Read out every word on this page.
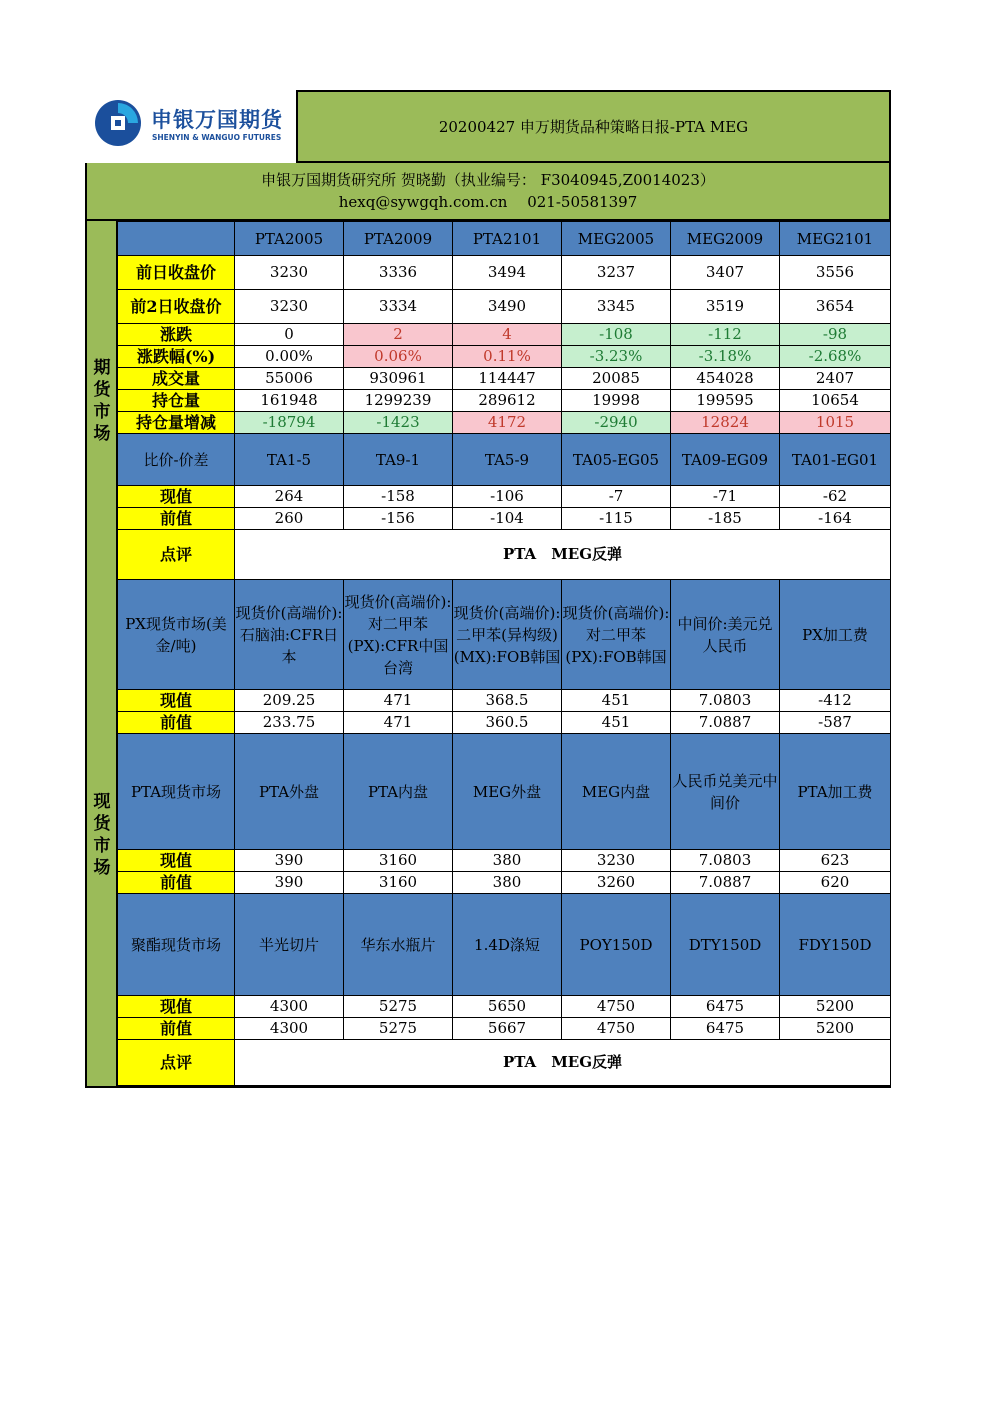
申银万国期货
SHENYIN & WANGUO FUTURES
20200427 申万期货品种策略日报-PTA MEG
申银万国期货研究所 贺晓勤（执业编号： F3040945,Z0014023）
hexq@sywgqh.com.cn　 021-50581397
期
货
市
场
现
货
市
场
	PTA2005	PTA2009	PTA2101	MEG2005	MEG2009	MEG2101
前日收盘价	3230	3336	3494	3237	3407	3556
前2日收盘价	3230	3334	3490	3345	3519	3654
涨跌	0	2	4	-108	-112	-98
涨跌幅(%)	0.00%	0.06%	0.11%	-3.23%	-3.18%	-2.68%
成交量	55006	930961	114447	20085	454028	2407
持仓量	161948	1299239	289612	19998	199595	10654
持仓量增减	-18794	-1423	4172	-2940	12824	1015
比价-价差	TA1-5	TA9-1	TA5-9	TA05-EG05	TA09-EG09	TA01-EG01
现值	264	-158	-106	-7	-71	-62
前值	260	-156	-104	-115	-185	-164
点评	PTA　MEG反弹					
PX现货市场(美金/吨)	现货价(高端价):石脑油:CFR日本	现货价(高端价):对二甲苯(PX):CFR中国台湾	现货价(高端价):二甲苯(异构级)(MX):FOB韩国	现货价(高端价):对二甲苯(PX):FOB韩国	中间价:美元兑人民币	PX加工费
现值	209.25	471	368.5	451	7.0803	-412
前值	233.75	471	360.5	451	7.0887	-587
PTA现货市场	PTA外盘	PTA内盘	MEG外盘	MEG内盘	人民币兑美元中间价	PTA加工费
现值	390	3160	380	3230	7.0803	623
前值	390	3160	380	3260	7.0887	620
聚酯现货市场	半光切片	华东水瓶片	1.4D涤短	POY150D	DTY150D	FDY150D
现值	4300	5275	5650	4750	6475	5200
前值	4300	5275	5667	4750	6475	5200
点评	PTA　MEG反弹					
